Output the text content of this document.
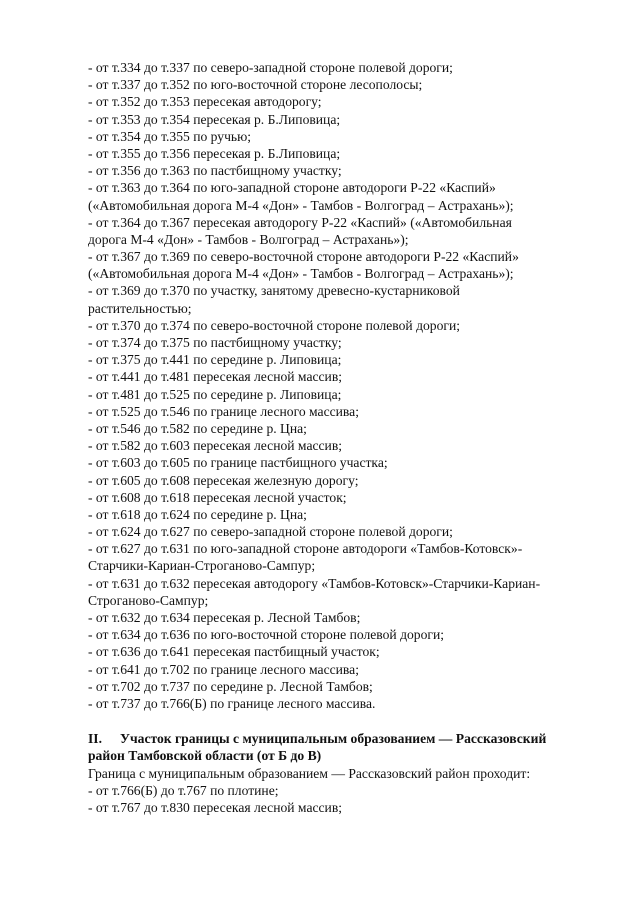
- от т.334 до т.337 по северо-западной стороне полевой дороги;
- от т.337 до т.352 по юго-восточной стороне лесополосы;
- от т.352 до т.353 пересекая автодорогу;
- от т.353 до т.354 пересекая р. Б.Липовица;
- от т.354 до т.355 по ручью;
- от т.355 до т.356 пересекая р. Б.Липовица;
- от т.356 до т.363 по пастбищному участку;
- от т.363 до т.364 по юго-западной стороне автодороги Р-22 «Каспий»
(«Автомобильная дорога М-4 «Дон» - Тамбов - Волгоград – Астрахань»);
- от т.364 до т.367 пересекая автодорогу Р-22 «Каспий» («Автомобильная
дорога М-4 «Дон» - Тамбов - Волгоград – Астрахань»);
- от т.367 до т.369 по северо-восточной стороне автодороги Р-22 «Каспий»
(«Автомобильная дорога М-4 «Дон» - Тамбов - Волгоград – Астрахань»);
- от т.369 до т.370 по участку, занятому древесно-кустарниковой
растительностью;
- от т.370 до т.374 по северо-восточной стороне полевой дороги;
- от т.374 до т.375 по пастбищному участку;
- от т.375 до т.441 по середине р. Липовица;
- от т.441 до т.481 пересекая лесной массив;
- от т.481 до т.525 по середине р. Липовица;
- от т.525 до т.546 по границе лесного массива;
- от т.546 до т.582 по середине р. Цна;
- от т.582 до т.603 пересекая лесной массив;
- от т.603 до т.605 по границе пастбищного участка;
- от т.605 до т.608 пересекая железную дорогу;
- от т.608 до т.618 пересекая лесной участок;
- от т.618 до т.624 по середине р. Цна;
- от т.624 до т.627 по северо-западной стороне полевой дороги;
- от т.627 до т.631 по юго-западной стороне автодороги «Тамбов-Котовск»-
Старчики-Кариан-Строганово-Сампур;
- от т.631 до т.632 пересекая автодорогу «Тамбов-Котовск»-Старчики-Кариан-
Строганово-Сампур;
- от т.632 до т.634 пересекая р. Лесной Тамбов;
- от т.634 до т.636 по юго-восточной стороне полевой дороги;
- от т.636 до т.641 пересекая пастбищный участок;
- от т.641 до т.702 по границе лесного массива;
- от т.702 до т.737 по середине р. Лесной Тамбов;
- от т.737 до т.766(Б) по границе лесного массива.
II. Участок границы с муниципальным образованием — Рассказовский
район Тамбовской области (от Б до В)
Граница с муниципальным образованием — Рассказовский район проходит:
- от т.766(Б) до т.767 по плотине;
- от т.767 до т.830 пересекая лесной массив;
